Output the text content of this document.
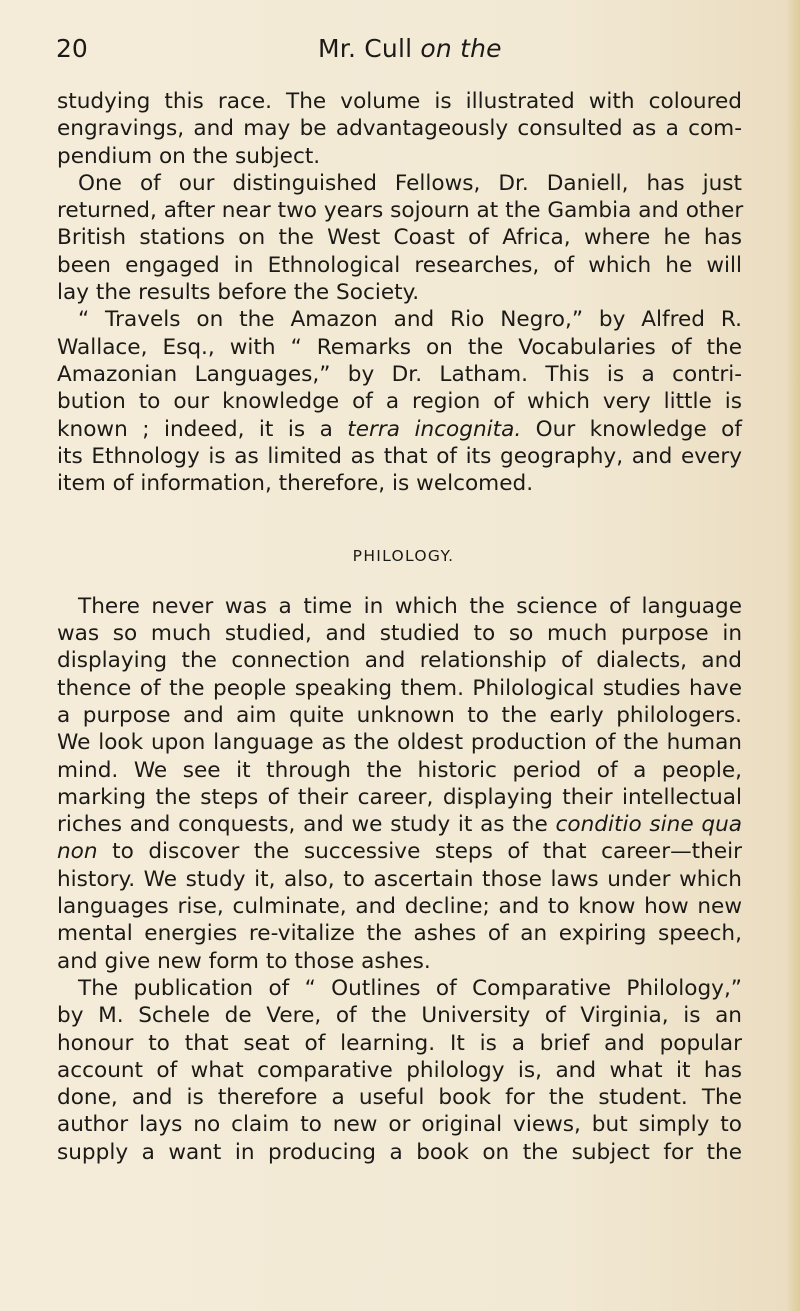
20	Mr. Cull on the
studying this race. The volume is illustrated with coloured
engravings, and may be advantageously consulted as a com-
pendium on the subject.
One of our distinguished Fellows, Dr. Daniell, has just
returned, after near two years sojourn at the Gambia and other
British stations on the West Coast of Africa, where he has
been engaged in Ethnological researches, of which he will
lay the results before the Society.
“ Travels on the Amazon and Rio Negro,” by Alfred R.
Wallace, Esq., with “ Remarks on the Vocabularies of the
Amazonian Languages,” by Dr. Latham. This is a contri-
bution to our knowledge of a region of which very little is
known ; indeed, it is a terra incognita. Our knowledge of
its Ethnology is as limited as that of its geography, and every
item of information, therefore, is welcomed.
PHILOLOGY.
There never was a time in which the science of language
was so much studied, and studied to so much purpose in
displaying the connection and relationship of dialects, and
thence of the people speaking them. Philological studies have
a purpose and aim quite unknown to the early philologers.
We look upon language as the oldest production of the human
mind. We see it through the historic period of a people,
marking the steps of their career, displaying their intellectual
riches and conquests, and we study it as the conditio sine qua
non to discover the successive steps of that career—their
history. We study it, also, to ascertain those laws under which
languages rise, culminate, and decline; and to know how new
mental energies re-vitalize the ashes of an expiring speech,
and give new form to those ashes.
The publication of “ Outlines of Comparative Philology,”
by M. Schele de Vere, of the University of Virginia, is an
honour to that seat of learning. It is a brief and popular
account of what comparative philology is, and what it has
done, and is therefore a useful book for the student. The
author lays no claim to new or original views, but simply to
supply a want in producing a book on the subject for the
